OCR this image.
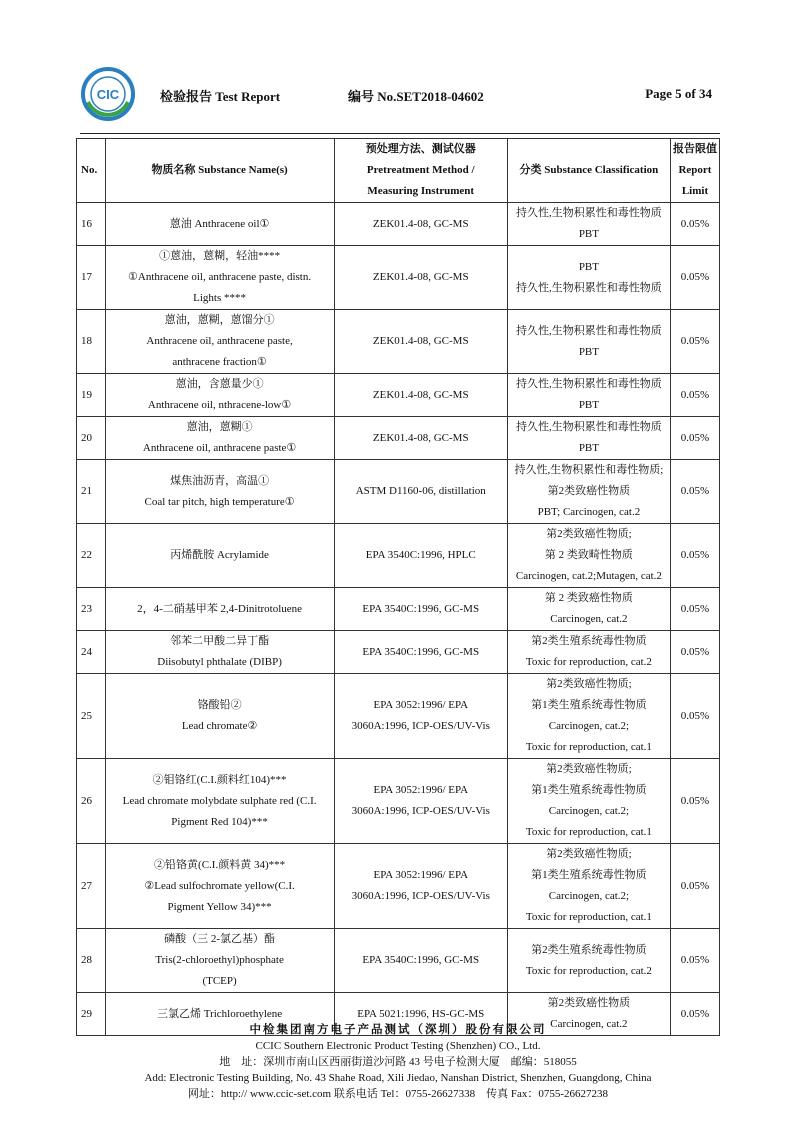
CIC	检验报告 Test Report	编号 No.SET2018-04602	Page 5 of 34
No.	物质名称 Substance Name(s)	预处理方法、测试仪器
Pretreatment Method /
Measuring Instrument	分类 Substance Classification	报告限值
Report
Limit

16	蒽油 Anthracene oil①	ZEK01.4-08, GC-MS	持久性,生物积累性和毒性物质
PBT	0.05%
17	①蒽油，蒽糊，轻油****
①Anthracene oil, anthracene paste, distn.
Lights ****	ZEK01.4-08, GC-MS	PBT
持久性,生物积累性和毒性物质	0.05%
18	蒽油，蒽糊，蒽馏分①
Anthracene oil, anthracene paste,
anthracene fraction①	ZEK01.4-08, GC-MS	持久性,生物积累性和毒性物质
PBT	0.05%
19	蒽油，含蒽量少①
Anthracene oil, nthracene-low①	ZEK01.4-08, GC-MS	持久性,生物积累性和毒性物质
PBT	0.05%
20	蒽油，蒽糊①
Anthracene oil, anthracene paste①	ZEK01.4-08, GC-MS	持久性,生物积累性和毒性物质
PBT	0.05%
21	煤焦油沥青，高温①
Coal tar pitch, high temperature①	ASTM D1160-06, distillation	持久性,生物积累性和毒性物质;
第2类致癌性物质
PBT; Carcinogen, cat.2	0.05%
22	丙烯酰胺 Acrylamide	EPA 3540C:1996, HPLC	第2类致癌性物质;
第 2 类致畸性物质
Carcinogen, cat.2;Mutagen, cat.2	0.05%
23	2，4-二硝基甲苯 2,4-Dinitrotoluene	EPA 3540C:1996, GC-MS	第 2 类致癌性物质
Carcinogen, cat.2	0.05%
24	邻苯二甲酸二异丁酯
Diisobutyl phthalate (DIBP)	EPA 3540C:1996, GC-MS	第2类生殖系统毒性物质
Toxic for reproduction, cat.2	0.05%
25	铬酸铅②
Lead chromate②	EPA 3052:1996/ EPA
3060A:1996, ICP-OES/UV-Vis	第2类致癌性物质;
第1类生殖系统毒性物质
Carcinogen, cat.2;
Toxic for reproduction, cat.1	0.05%
26	②钼铬红(C.I.颜料红104)***
Lead chromate molybdate sulphate red (C.I.
Pigment Red 104)***	EPA 3052:1996/ EPA
3060A:1996, ICP-OES/UV-Vis	第2类致癌性物质;
第1类生殖系统毒性物质
Carcinogen, cat.2;
Toxic for reproduction, cat.1	0.05%
27	②铅铬黄(C.I.颜料黄 34)***
②Lead sulfochromate yellow(C.I.
Pigment Yellow 34)***	EPA 3052:1996/ EPA
3060A:1996, ICP-OES/UV-Vis	第2类致癌性物质;
第1类生殖系统毒性物质
Carcinogen, cat.2;
Toxic for reproduction, cat.1	0.05%
28	磷酸（三 2-氯乙基）酯
Tris(2-chloroethyl)phosphate
(TCEP)	EPA 3540C:1996, GC-MS	第2类生殖系统毒性物质
Toxic for reproduction, cat.2	0.05%
29	三氯乙烯 Trichloroethylene	EPA 5021:1996, HS-GC-MS	第2类致癌性物质
Carcinogen, cat.2	0.05%
中检集团南方电子产品测试（深圳）股份有限公司
CCIC Southern Electronic Product Testing (Shenzhen) CO., Ltd.
地　址：深圳市南山区西丽街道沙河路 43 号电子检测大厦　邮编：518055
Add: Electronic Testing Building, No. 43 Shahe Road, Xili Jiedao, Nanshan District, Shenzhen, Guangdong, China
网址：http:// www.ccic-set.com 联系电话 Tel：0755-26627338　传真 Fax：0755-26627238
